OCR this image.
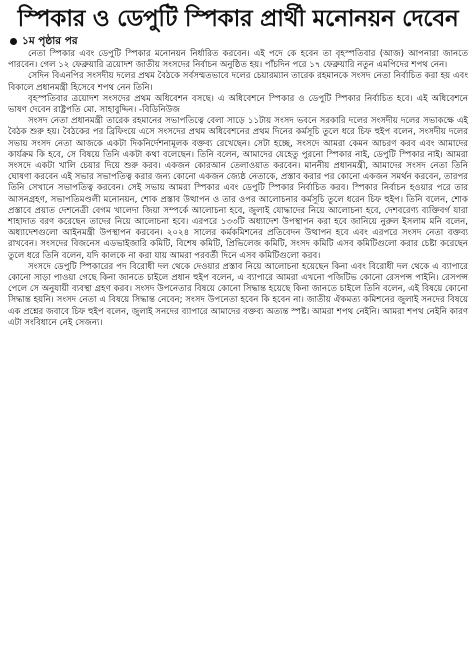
স্পিকার ও ডেপুটি স্পিকার প্রার্থী মনোনয়ন দেবেন
১ম পৃষ্ঠার পর

নেতা স্পিকার এবং ডেপুটি স্পিকার মনোনয়ন নির্ধারিত করবেন। এই পদে কে হবেন তা বৃহস্পতিবার (আজ) আপনারা জানতে পারবেন। গেল ১২ ফেব্রুয়ারি ত্রয়োদশ জাতীয় সংসদের নির্বাচন অনুষ্ঠিত হয়। পাঁচদিন পরে ১৭ ফেব্রুয়ারি নতুন এমপিদের শপথ নেন।

সেদিন বিএনপির সংসদীয় দলের প্রথম বৈঠকে সর্বসম্মতভাবে দলের চেয়ারম্যান তারেক রহমানকে সংসদ নেতা নির্বাচিত করা হয় এবং বিকালে প্রধানমন্ত্রী হিসেবে শপথ নেন তিনি।

বৃহস্পতিবার ত্রয়োদশ সংসদের প্রথম অধিবেশন বসছে। এ অধিবেশনে স্পিকার ও ডেপুটি স্পিকার নির্বাচিত হবে। এই অধিবেশনে ভাষণ দেবেন রাষ্ট্রপতি মো. সাহাবুদ্দিন। -বিডিনিউজ

সংসদ নেতা প্রধানমন্ত্রী তারেক রহমানের সভাপতিত্বে বেলা সাড়ে ১১টায় সংসদ ভবনে সরকারি দলের সংসদীয় দলের সভাকক্ষে এই বৈঠক শুরু হয়। বৈঠকের পর ব্রিফিংয়ে এসে সংসদের প্রথম অধিবেশনের প্রথম দিনের কর্মসূচি তুলে ধরে চিফ হুইপ বলেন, সংসদীয় দলের সভায় সংসদ নেতা আজকে একটা দিকনির্দেশনামূলক বক্তব্য রেখেছেন। সেটা হচ্ছে, সংসদে আমরা কেমন আচরণ করব এবং আমাদের কার্যক্রম কি হবে, সে বিষয়ে তিনি একটা কথা বলেছেন। তিনি বলেন, আমাদের যেহেতু পুরনো স্পিকার নাই, ডেপুটি স্পিকার নাই। আমরা সংসদে একটা খালি চেয়ার দিয়ে শুরু করব। একজন কোরআন তেলাওয়াত করবেন। মাননীয় প্রধানমন্ত্রী, আমাদের সংসদ নেতা তিনি ঘোষণা করবেন এই সভার সভাপতিত্ব করার জন্য কোনো একজন জ্যেষ্ঠ নেতাকে, প্রস্তাব করার পর কোনো একজন সমর্থন করবেন, তারপর তিনি সেখানে সভাপতিত্ব করবেন। সেই সভায় আমরা স্পিকার এবং ডেপুটি স্পিকার নির্বাচিত করব। স্পিকার নির্বাচন হওয়ার পরে তার আসনগ্রহণ, সভাপতিমণ্ডলী মনোনয়ন, শোক প্রস্তাব উত্থাপন ও তার ওপর আলোচনার কর্মসূচি তুলে ধরেন চিফ হুইপ। তিনি বলেন, শোক প্রস্তাবে প্রয়াত দেশনেত্রী বেগম খালেদা জিয়া সম্পর্কে আলোচনা হবে, জুলাই যোদ্ধাদের নিয়ে আলোচনা হবে, দেশবরেণ্য ব্যক্তিবর্গ যারা শাহাদাত বরণ করেছেন তাদের নিয়ে আলোচনা হবে। এরপরে ১৩৩টি অধ্যাদেশ উপস্থাপন করা হবে জানিয়ে নুরুল ইসলাম মনি বলেন, অধ্যাদেশগুলো আইনমন্ত্রী উপস্থাপন করবেন। ২০২৪ সালের কর্মকমিশনের প্রতিবেদন উত্থাপন হবে এবং এরপরে সংসদ নেতা বক্তব্য রাখবেন। সংসদের বিজনেস এডভাইজারি কমিটি, বিশেষ কমিটি, প্রিভিলেজ কমিটি, সংসদ কমিটি এসব কমিটিগুলো করার চেষ্টা করেছেন তুলে ধরে তিনি বলেন, যদি কালকে না করা যায় আমরা পরবর্তী দিনে এসব কমিটিগুলো করব।

সংসদে ডেপুটি স্পিকারের পদ বিরোধী দল থেকে দেওয়ার প্রস্তাব নিয়ে আলোচনা হয়েছেন কিনা এবং বিরোধী দল থেকে এ ব্যাপারে কোনো সাড়া পাওয়া গেছে কিনা জানতে চাইলে প্রধান হুইপ বলেন, এ ব্যাপারে আমরা এখনো পজিটিভ কোনো রেসপন্স পাইনি। রেসপন্স পেলে সে অনুযায়ী ব্যবস্থা গ্রহণ করব। সংসদ উপনেতার বিষয়ে কোনো সিদ্ধান্ত হয়েছে কিনা জানতে চাইলে তিনি বলেন, এই বিষয়ে কোনো সিদ্ধান্ত হয়নি। সংসদ নেতা এ বিষয়ে সিদ্ধান্ত নেবেন; সংসদ উপনেতা হবেন কি হবেন না। জাতীয় ঐকমত্য কমিশনের জুলাই সনদের বিষয়ে এক প্রশ্নের জবাবে চিফ হুইপ বলেন, জুলাই সনদের ব্যাপারে আমাদের বক্তব্য অত্যন্ত স্পষ্ট। আমরা শপথ নেইনি। আমরা শপথ নেইনি কারণ এটা সংবিধানে নেই সেজন্য।
